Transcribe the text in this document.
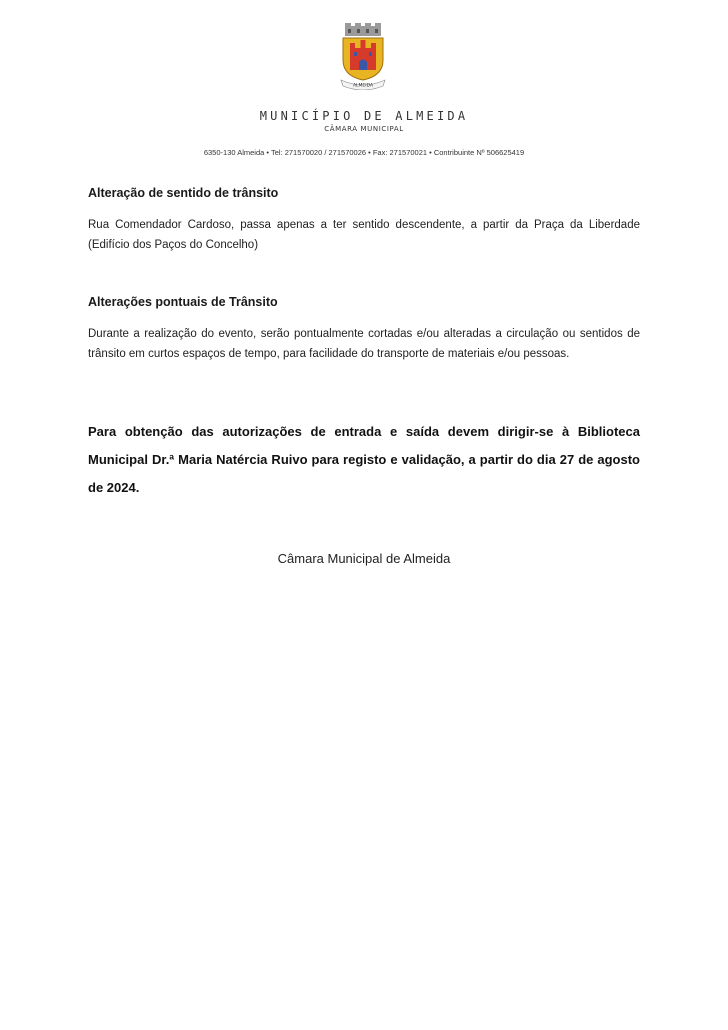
ALMEIDA
MUNICÍPIO DE ALMEIDA
CÂMARA MUNICIPAL
6350-130 Almeida • Tel: 271570020 / 271570026 • Fax: 271570021 • Contribuinte Nº 506625419
Alteração de sentido de trânsito
Rua Comendador Cardoso, passa apenas a ter sentido descendente, a partir da Praça da Liberdade (Edifício dos Paços do Concelho)
Alterações pontuais de Trânsito
Durante a realização do evento, serão pontualmente cortadas e/ou alteradas a circulação ou sentidos de trânsito em curtos espaços de tempo, para facilidade do transporte de materiais e/ou pessoas.
Para obtenção das autorizações de entrada e saída devem dirigir-se à Biblioteca Municipal Dr.ª Maria Natércia Ruivo para registo e validação, a partir do dia 27 de agosto de 2024.
Câmara Municipal de Almeida
